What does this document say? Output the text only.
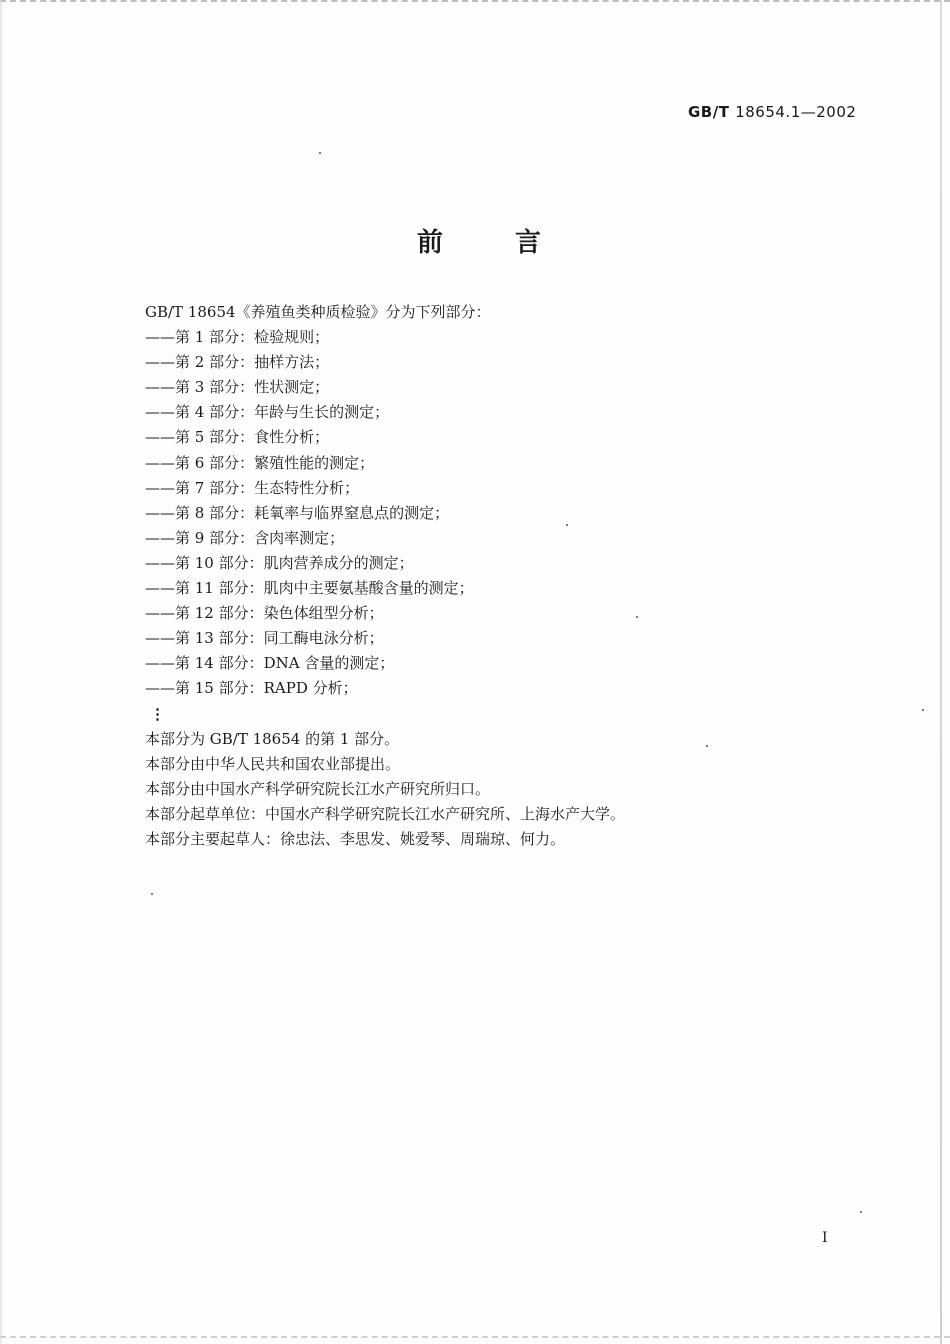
GB/T 18654.1—2002
前言
GB/T 18654《养殖鱼类种质检验》分为下列部分：
——第 1 部分：检验规则；
——第 2 部分：抽样方法；
——第 3 部分：性状测定；
——第 4 部分：年龄与生长的测定；
——第 5 部分：食性分析；
——第 6 部分：繁殖性能的测定；
——第 7 部分：生态特性分析；
——第 8 部分：耗氧率与临界窒息点的测定；
——第 9 部分：含肉率测定；
——第 10 部分：肌肉营养成分的测定；
——第 11 部分：肌肉中主要氨基酸含量的测定；
——第 12 部分：染色体组型分析；
——第 13 部分：同工酶电泳分析；
——第 14 部分：DNA 含量的测定；
——第 15 部分：RAPD 分析；
⋮
本部分为 GB/T 18654 的第 1 部分。
本部分由中华人民共和国农业部提出。
本部分由中国水产科学研究院长江水产研究所归口。
本部分起草单位：中国水产科学研究院长江水产研究所、上海水产大学。
本部分主要起草人：徐忠法、李思发、姚爱琴、周瑞琼、何力。
I
